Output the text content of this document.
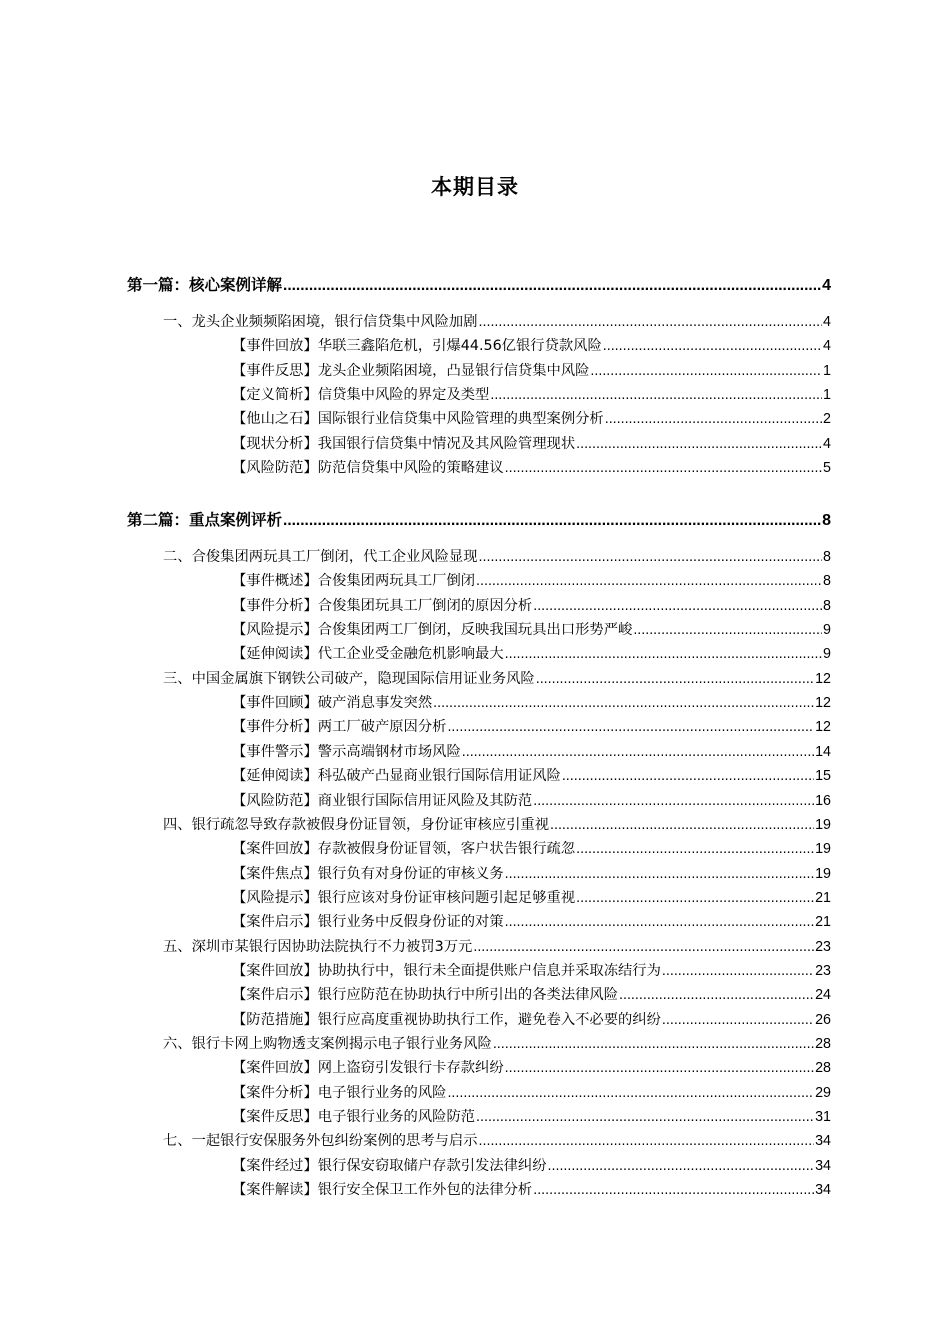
本期目录
第一篇：核心案例详解 .....	4
一、龙头企业频频陷困境，银行信贷集中风险加剧 .....	4
【事件回放】华联三鑫陷危机，引爆44.56亿银行贷款风险 .....	4
【事件反思】龙头企业频陷困境，凸显银行信贷集中风险 .....	1
【定义简析】信贷集中风险的界定及类型 .....	1
【他山之石】国际银行业信贷集中风险管理的典型案例分析 .....	2
【现状分析】我国银行信贷集中情况及其风险管理现状 .....	4
【风险防范】防范信贷集中风险的策略建议 .....	5
第二篇：重点案例评析 .....	8
二、合俊集团两玩具工厂倒闭，代工企业风险显现 .....	8
【事件概述】合俊集团两玩具工厂倒闭 .....	8
【事件分析】合俊集团玩具工厂倒闭的原因分析 .....	8
【风险提示】合俊集团两工厂倒闭，反映我国玩具出口形势严峻 .....	9
【延伸阅读】代工企业受金融危机影响最大 .....	9
三、中国金属旗下钢铁公司破产，隐现国际信用证业务风险 .....	12
【事件回顾】破产消息事发突然 .....	12
【事件分析】两工厂破产原因分析 .....	12
【事件警示】警示高端钢材市场风险 .....	14
【延伸阅读】科弘破产凸显商业银行国际信用证风险 .....	15
【风险防范】商业银行国际信用证风险及其防范 .....	16
四、银行疏忽导致存款被假身份证冒领，身份证审核应引重视 .....	19
【案件回放】存款被假身份证冒领，客户状告银行疏忽 .....	19
【案件焦点】银行负有对身份证的审核义务 .....	19
【风险提示】银行应该对身份证审核问题引起足够重视 .....	21
【案件启示】银行业务中反假身份证的对策 .....	21
五、深圳市某银行因协助法院执行不力被罚3万元 .....	23
【案件回放】协助执行中，银行未全面提供账户信息并采取冻结行为 .....	23
【案件启示】银行应防范在协助执行中所引出的各类法律风险 .....	24
【防范措施】银行应高度重视协助执行工作，避免卷入不必要的纠纷 .....	26
六、银行卡网上购物透支案例揭示电子银行业务风险 .....	28
【案件回放】网上盗窃引发银行卡存款纠纷 .....	28
【案件分析】电子银行业务的风险 .....	29
【案件反思】电子银行业务的风险防范 .....	31
七、一起银行安保服务外包纠纷案例的思考与启示 .....	34
【案件经过】银行保安窃取储户存款引发法律纠纷 .....	34
【案件解读】银行安全保卫工作外包的法律分析 .....	34
